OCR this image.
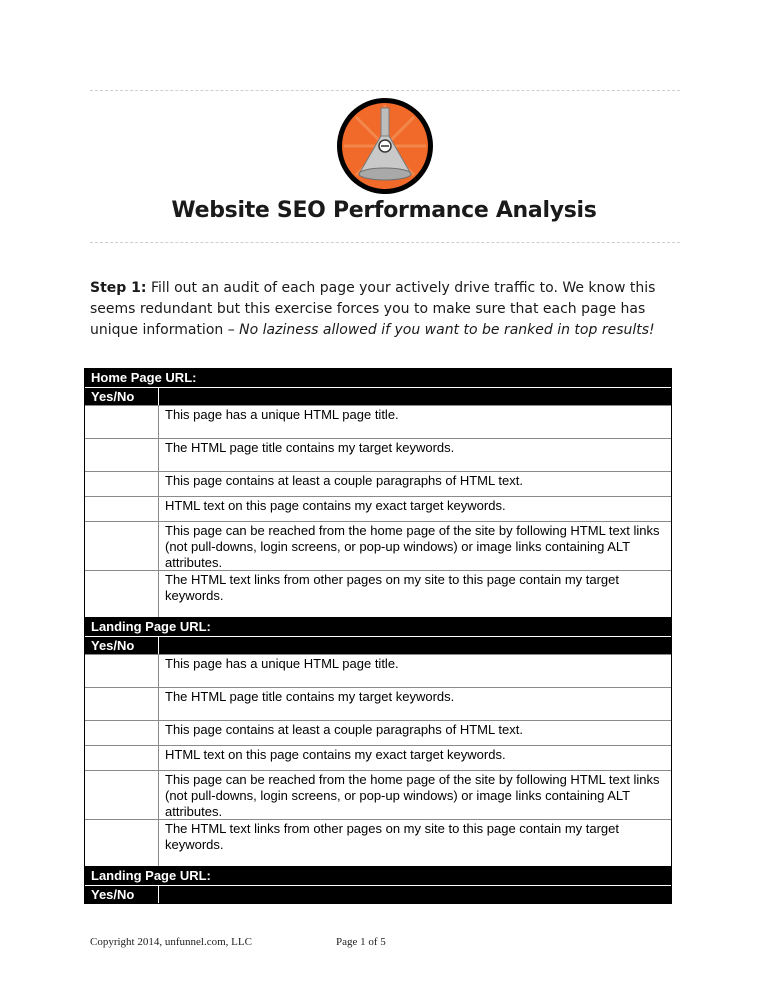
Website SEO Performance Analysis
Step 1: Fill out an audit of each page your actively drive traffic to. We know this seems redundant but this exercise forces you to make sure that each page has unique information – No laziness allowed if you want to be ranked in top results!
Home Page URL:
Yes/No
This page has a unique HTML page title.
The HTML page title contains my target keywords.
This page contains at least a couple paragraphs of HTML text.
HTML text on this page contains my exact target keywords.
This page can be reached from the home page of the site by following HTML text links (not pull-downs, login screens, or pop-up windows) or image links containing ALT attributes.
The HTML text links from other pages on my site to this page contain my target keywords.
Landing Page URL:
Yes/No
This page has a unique HTML page title.
The HTML page title contains my target keywords.
This page contains at least a couple paragraphs of HTML text.
HTML text on this page contains my exact target keywords.
This page can be reached from the home page of the site by following HTML text links (not pull-downs, login screens, or pop-up windows) or image links containing ALT attributes.
The HTML text links from other pages on my site to this page contain my target keywords.
Landing Page URL:
Yes/No
Copyright 2014, unfunnel.com, LLC	Page 1 of 5
